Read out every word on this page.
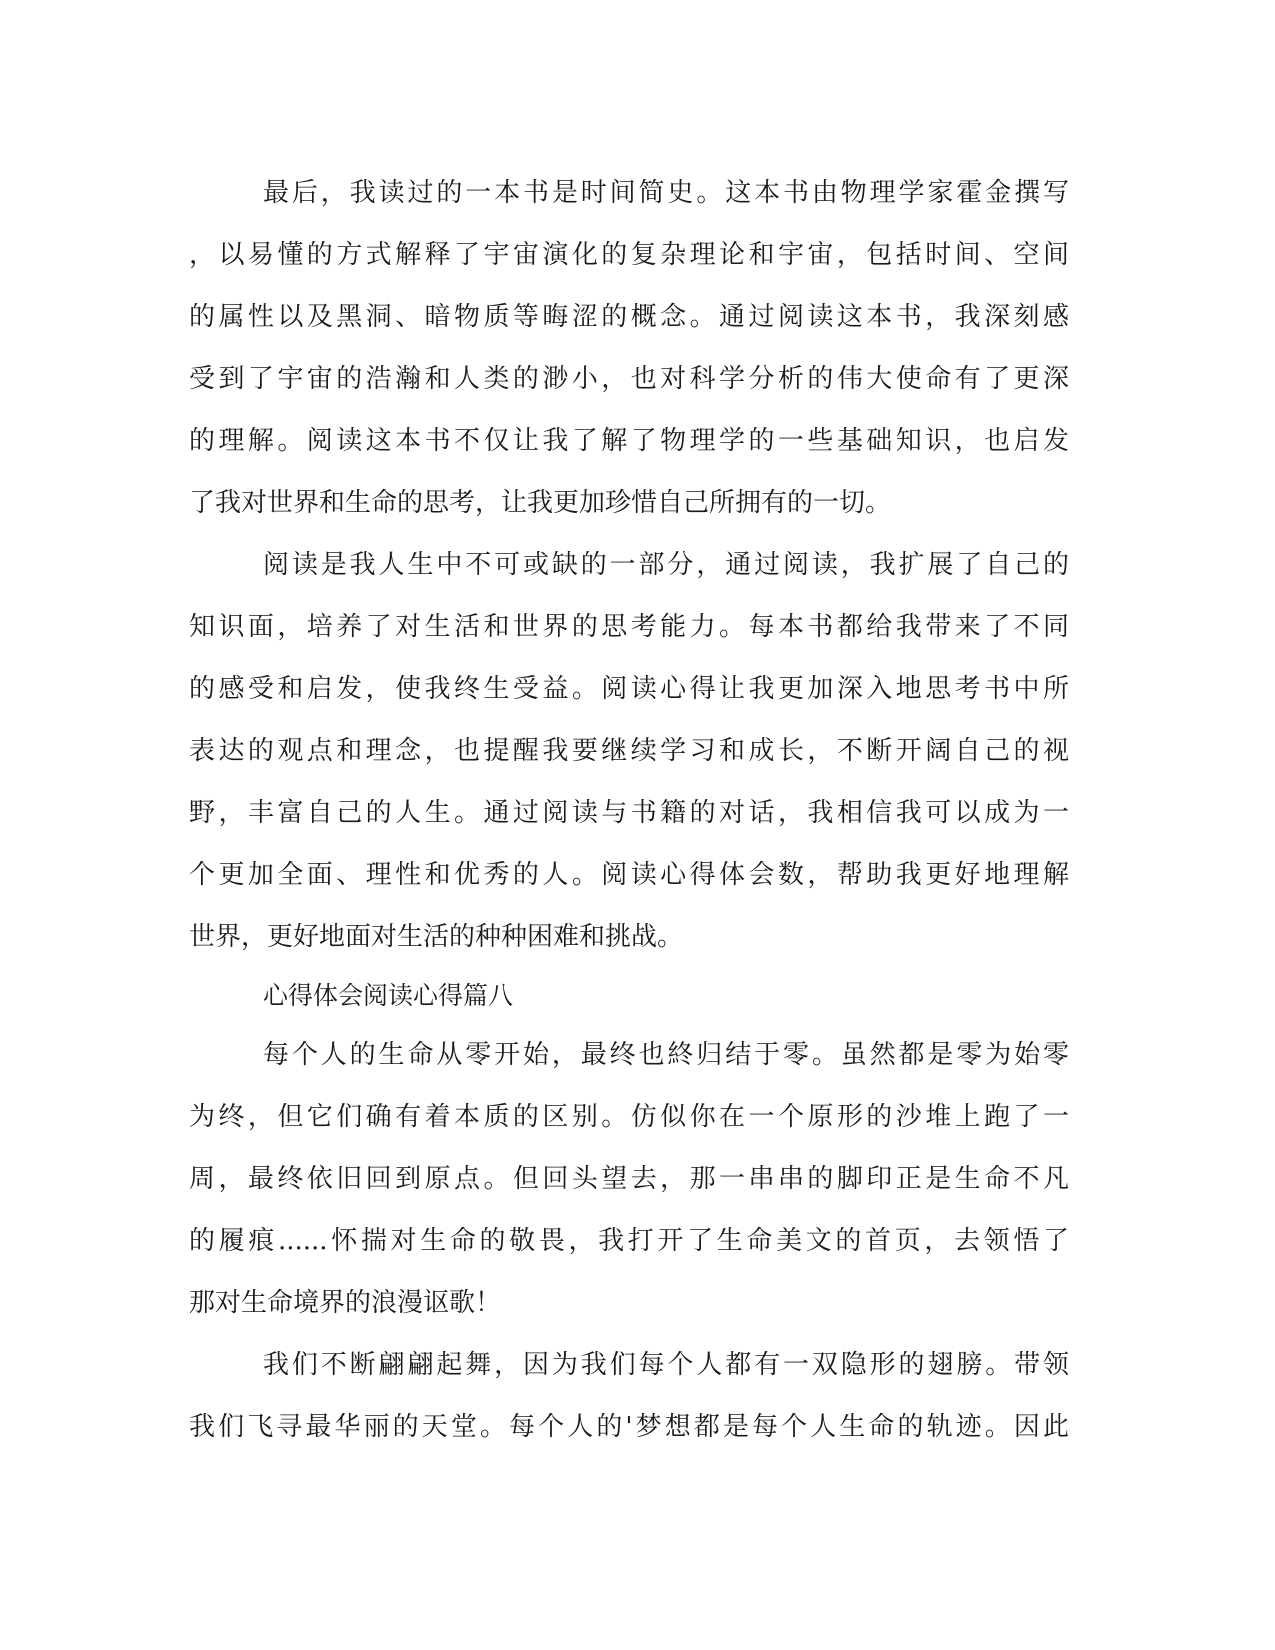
最后，我读过的一本书是时间简史。这本书由物理学家霍金撰写
，以易懂的方式解释了宇宙演化的复杂理论和宇宙，包括时间、空间
的属性以及黑洞、暗物质等晦涩的概念。通过阅读这本书，我深刻感
受到了宇宙的浩瀚和人类的渺小，也对科学分析的伟大使命有了更深
的理解。阅读这本书不仅让我了解了物理学的一些基础知识，也启发
了我对世界和生命的思考，让我更加珍惜自己所拥有的一切。
阅读是我人生中不可或缺的一部分，通过阅读，我扩展了自己的
知识面，培养了对生活和世界的思考能力。每本书都给我带来了不同
的感受和启发，使我终生受益。阅读心得让我更加深入地思考书中所
表达的观点和理念，也提醒我要继续学习和成长，不断开阔自己的视
野，丰富自己的人生。通过阅读与书籍的对话，我相信我可以成为一
个更加全面、理性和优秀的人。阅读心得体会数，帮助我更好地理解
世界，更好地面对生活的种种困难和挑战。
心得体会阅读心得篇八
每个人的生命从零开始，最终也終归结于零。虽然都是零为始零
为终，但它们确有着本质的区别。仿似你在一个原形的沙堆上跑了一
周，最终依旧回到原点。但回头望去，那一串串的脚印正是生命不凡
的履痕......怀揣对生命的敬畏，我打开了生命美文的首页，去领悟了
那对生命境界的浪漫讴歌！
我们不断翩翩起舞，因为我们每个人都有一双隐形的翅膀。带领
我们飞寻最华丽的天堂。每个人的'梦想都是每个人生命的轨迹。因此
